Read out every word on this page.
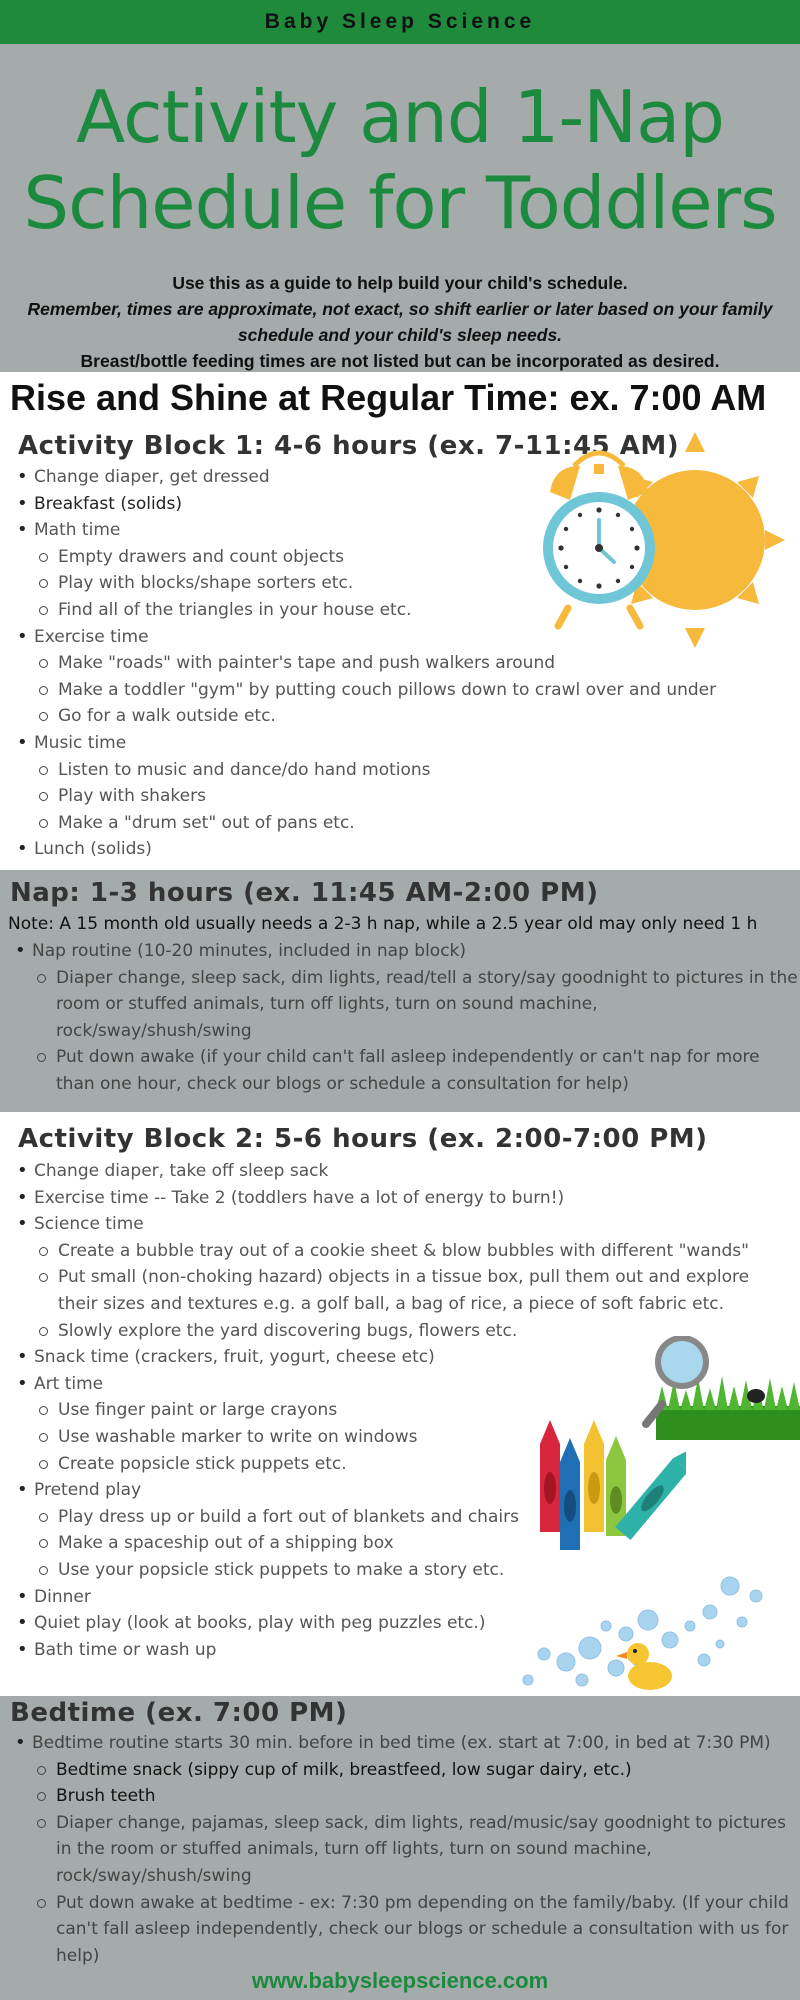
Baby Sleep Science
Activity and 1-Nap
Schedule for Toddlers
Use this as a guide to help build your child's schedule.
Remember, times are approximate, not exact, so shift earlier or later based on your family schedule and your child's sleep needs.
Breast/bottle feeding times are not listed but can be incorporated as desired.
Rise and Shine at Regular Time: ex. 7:00 AM
Activity Block 1: 4-6 hours (ex. 7-11:45 AM)
• Change diaper, get dressed
• Breakfast (solids)
• Math time
Empty drawers and count objects
Play with blocks/shape sorters etc.
Find all of the triangles in your house etc.
• Exercise time
Make "roads" with painter's tape and push walkers around
Make a toddler "gym" by putting couch pillows down to crawl over and under
Go for a walk outside etc.
• Music time
Listen to music and dance/do hand motions
Play with shakers
Make a "drum set" out of pans etc.
• Lunch (solids)
Nap: 1-3 hours (ex. 11:45 AM-2:00 PM)
Note: A 15 month old usually needs a 2-3 h nap, while a 2.5 year old may only need 1 h
• Nap routine (10-20 minutes, included in nap block)
Diaper change, sleep sack, dim lights, read/tell a story/say goodnight to pictures in the room or stuffed animals, turn off lights, turn on sound machine, rock/sway/shush/swing
Put down awake (if your child can't fall asleep independently or can't nap for more than one hour, check our blogs or schedule a consultation for help)
Activity Block 2: 5-6 hours (ex. 2:00-7:00 PM)
• Change diaper, take off sleep sack
• Exercise time -- Take 2 (toddlers have a lot of energy to burn!)
• Science time
Create a bubble tray out of a cookie sheet & blow bubbles with different "wands"
Put small (non-choking hazard) objects in a tissue box, pull them out and explore their sizes and textures e.g. a golf ball, a bag of rice, a piece of soft fabric etc.
Slowly explore the yard discovering bugs, flowers etc.
• Snack time (crackers, fruit, yogurt, cheese etc)
• Art time
Use finger paint or large crayons
Use washable marker to write on windows
Create popsicle stick puppets etc.
• Pretend play
Play dress up or build a fort out of blankets and chairs
Make a spaceship out of a shipping box
Use your popsicle stick puppets to make a story etc.
• Dinner
• Quiet play (look at books, play with peg puzzles etc.)
• Bath time or wash up
Bedtime (ex. 7:00 PM)
• Bedtime routine starts 30 min. before in bed time (ex. start at 7:00, in bed at 7:30 PM)
Bedtime snack (sippy cup of milk, breastfeed, low sugar dairy, etc.)
Brush teeth
Diaper change, pajamas, sleep sack, dim lights, read/music/say goodnight to pictures in the room or stuffed animals, turn off lights, turn on sound machine, rock/sway/shush/swing
Put down awake at bedtime - ex: 7:30 pm depending on the family/baby. (If your child can't fall asleep independently, check our blogs or schedule a consultation with us for help)
www.babysleepscience.com
